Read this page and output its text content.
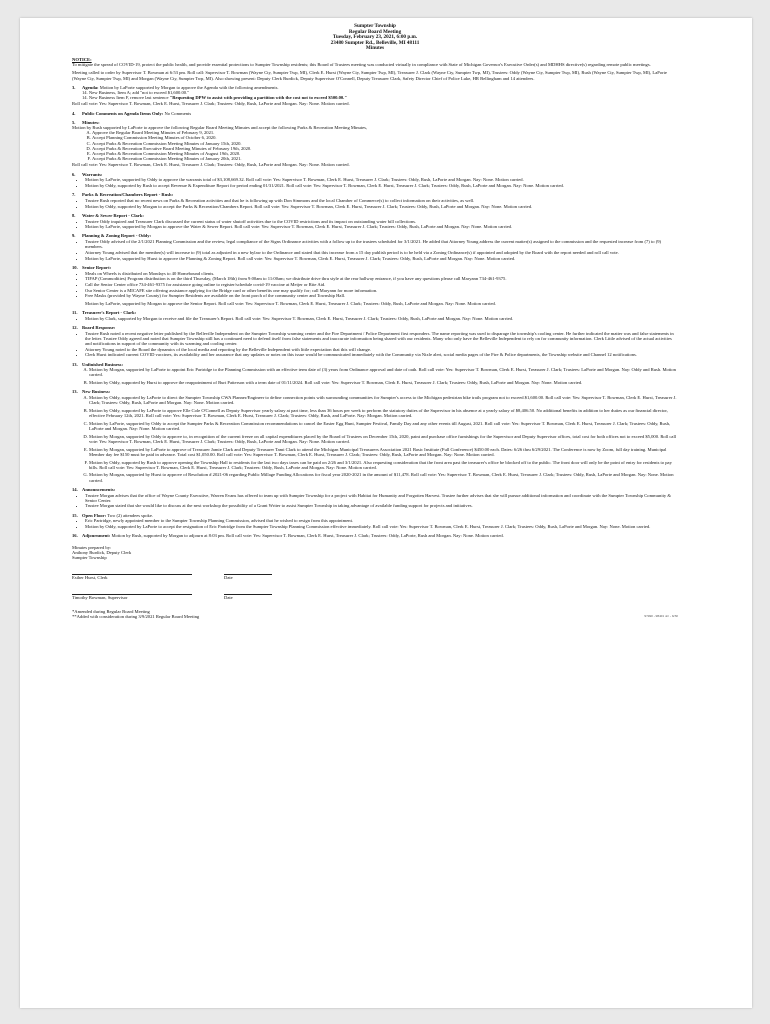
Sumpter Township
Regular Board Meeting
Tuesday, February 23, 2021, 6:00 p.m.
23480 Sumpter Rd., Belleville, MI 48111
Minutes
NOTICE:

To mitigate the spread of COVID-19, protect the public health, and provide essential protections to Sumpter Township residents; this Board of Trustees meeting was conducted virtually in compliance with State of Michigan Governor's Executive Order(s) and MDHHS directive(s) regarding remote public meetings.

Meeting called to order by Supervisor T. Bowman at 6:53 pm. Roll call: Supervisor T. Bowman (Wayne Cty, Sumpter Twp, MI), Clerk E. Hurst (Wayne Cty, Sumpter Twp, MI), Treasurer J. Clark (Wayne Cty, Sumpter Twp, MI), Trustees: Oddy (Wayne Cty, Sumpter Twp, MI), Rush (Wayne Cty, Sumpter Twp, MI), LaPorte (Wayne Cty, Sumpter Twp, MI) and Morgan (Wayne Cty, Sumpter Twp, MI). Also showing present: Deputy Clerk Burdick, Deputy Supervisor O'Connell, Deputy Treasurer Clark, Safety Director Chief of Police Luke, HR Bellingham and 14 attendees.

3. Agenda: Motion by LaPorte supported by Morgan to approve the Agenda with the following amendments.

14. New Business, Item A; add "not to exceed $1,600.00."

14. New Business Item F, remove last sentence "Requesting DPW to assist with providing a partition with the cost not to exceed $500.00."

Roll call vote: Yes: Supervisor T. Bowman, Clerk E. Hurst, Treasurer J. Clark; Trustees: Oddy, Rush, LaPorte and Morgan. Nay: None. Motion carried.

4. Public Comments on Agenda Items Only: No Comments

5. Minutes:

Motion by Rush supported by LaPorte to approve the following Regular Board Meeting Minutes and accept the following Parks & Recreation Meeting Minutes,

A. Approve the Regular Board Meeting Minutes of February 9, 2021.
B. Accept Planning Commission Meeting Minutes of October 6, 2020.
C. Accept Parks & Recreation Commission Meeting Minutes of January 15th, 2020.
D. Accept Parks & Recreation Executive Board Meeting Minutes of February 19th, 2020.
E. Accept Parks & Recreation Commission Meeting Minutes of August 19th, 2020.
F. Accept Parks & Recreation Commission Meeting Minutes of January 20th, 2021.

Roll call vote: Yes: Supervisor T. Bowman, Clerk E. Hurst, Treasurer J. Clark; Trustees: Oddy, Rush, LaPorte and Morgan. Nay: None. Motion carried.

6. Warrants:

• Motion by LaPorte, supported by Oddy to approve the warrants total of $3,108,669.32. Roll call vote: Yes: Supervisor T. Bowman, Clerk E. Hurst, Treasurer J. Clark; Trustees: Oddy, Rush, LaPorte and Morgan. Nay: None. Motion carried.
• Motion by Oddy, supported by Rush to accept Revenue & Expenditure Report for period ending 01/31/2021. Roll call vote: Yes: Supervisor T. Bowman, Clerk E. Hurst, Treasurer J. Clark; Trustees: Oddy, Rush, LaPorte and Morgan. Nay: None. Motion carried.

7. Parks & Recreation/Chambers Report - Rush:

• Trustee Rush reported that no recent news on Parks & Recreation activities and that he is following up with Don Simmons and the local Chamber of Commerce(s) to collect information on their activities, as well.
• Motion by Oddy, supported by Morgan to accept the Parks & Recreation/Chambers Report. Roll call vote: Yes: Supervisor T. Bowman, Clerk E. Hurst, Treasurer J. Clark; Trustees: Oddy, Rush, LaPorte and Morgan. Nay: None. Motion carried.

8. Water & Sewer Report - Clark:

• Trustee Oddy inquired and Treasurer Clark discussed the current status of water shutoff activities due to the COVID restrictions and its impact on outstanding water bill collections.
• Motion by LaPorte, supported by Morgan to approve the Water & Sewer Report. Roll call vote: Yes: Supervisor T. Bowman, Clerk E. Hurst, Treasurer J. Clark; Trustees: Oddy, Rush, LaPorte and Morgan. Nay: None. Motion carried.

9. Planning & Zoning Report - Oddy:

• Trustee Oddy advised of the 2/1/2021 Planning Commission and the review, legal compliance of the Signs Ordinance activities with a follow up to the trustees scheduled for 3/1/2021. He added that Attorney Young address the current matter(s) assigned to the commission and the requested increase from (7) to (9) members.
• Attorney Young advised that the member(s) will increase to (9) total as adjusted in a new bylaw to the Ordinance and stated that this increase from a 15 day publish period is to be held via a Zoning Ordinance(s) if appointed and adopted by the Board with the report needed and roll call vote.
• Motion by LaPorte, supported by Hurst to approve the Planning & Zoning Report. Roll call vote: Yes: Supervisor T. Bowman, Clerk E. Hurst, Treasurer J. Clark; Trustees: Oddy, Rush, LaPorte and Morgan. Nay: None. Motion carried.

10. Senior Report:

• Meals on Wheels is distributed on Mondays to 40 Homebound clients.
• TIFAP (Commodities) Program distribution is on the third Thursday, (March 18th) from 9:00am to 11:00am; we distribute drive thru style at the rear hallway entrance, if you have any questions please call Maryann 734-461-9375.
• Call the Senior Center office 734-461-9375 for assistance going online to register/schedule covid-19 vaccine at Meijer or Rite Aid.
• Our Senior Center is a MICAFE site offering assistance applying for the Bridge card or other benefits one may qualify for; call Maryann for more information.
• Free Masks (provided by Wayne County) for Sumpter Residents are available on the front porch of the community center and Township Hall.

Motion by LaPorte, supported by Morgan to approve the Senior Report. Roll call vote: Yes: Supervisor T. Bowman, Clerk E. Hurst, Treasurer J. Clark; Trustees: Oddy, Rush, LaPorte and Morgan. Nay: None. Motion carried.

11. Treasurer's Report - Clark:

• Motion by Clark, supported by Morgan to receive and file the Treasurer's Report. Roll call vote: Yes: Supervisor T. Bowman, Clerk E. Hurst, Treasurer J. Clark; Trustees: Oddy, Rush, LaPorte and Morgan. Nay: None. Motion carried.

12. Board Response:

• Trustee Rush noted a recent negative letter published by the Belleville Independent on the Sumpter Township warming center and the Fire Department / Police Department first responders. The name reporting was used to disparage the township's cooling center. He further indicated the matter was and false statements in the letter. Trustee Oddy agreed and noted that Sumpter Township still has a continued need to defend itself from false statements and inaccurate information being shared with our residents. Many who only have the Belleville Independent to rely on for community information. Clerk Little advised of the actual activities and notifications in support of the community with its warming and cooling center.
• Attorney Young noted to the Board the dynamics of the local media and reporting by the Belleville Independent with little expectation that this will change.
• Clerk Hurst indicated current COVID vaccines, its availability and her assurance that any updates or notes on this issue would be communicated immediately with the Community via Nixle alert, social media pages of the Fire & Police departments, the Township website and Channel 12 notifications.

13. Unfinished Business:

A. Motion by Morgan, supported by LaPorte to appoint Eric Partridge to the Planning Commission with an effective term date of (3) years from Ordinance approval and date of oath. Roll call vote: Yes: Supervisor T. Bowman, Clerk E. Hurst, Treasurer J. Clark; Trustees: LaPorte and Morgan. Nay: Oddy and Rush. Motion carried.
B. Motion by Oddy, supported by Hurst to approve the reappointment of Burt Patterson with a term date of 01/11/2024. Roll call vote: Yes: Supervisor T. Bowman, Clerk E. Hurst, Treasurer J. Clark; Trustees: Oddy, Rush, LaPorte and Morgan. Nay: None. Motion carried.

13. New Business:

A. Motion by Oddy, supported by LaPorte to direct the Sumpter Township CWA Planner/Engineer to define connection points with surrounding communities for Sumpter's access to the Michigan pedestrian bike trails program not to exceed $1,600.00. Roll call vote: Yes: Supervisor T. Bowman, Clerk E. Hurst, Treasurer J. Clark; Trustees: Oddy, Rush, LaPorte and Morgan. Nay: None. Motion carried.
B. Motion by Oddy, supported by LaPorte to approve Elle Cole O'Connell as Deputy Supervisor yearly salary at part time, less than 36 hours per week to perform the statutory duties of the Supervisor in his absence at a yearly salary of $8,406.50. No additional benefits in addition to her duties as our financial director, effective February 12th, 2021. Roll call vote: Yes: Supervisor T. Bowman, Clerk E. Hurst, Treasurer J. Clark; Trustees: Oddy, Rush, and LaPorte. Nay: Morgan. Motion carried.
C. Motion by LaPorte, supported by Oddy to accept the Sumpter Parks & Recreation Commission recommendations to cancel the Easter Egg Hunt, Sumpter Festival, Family Day and any other events till August, 2021. Roll call vote: Yes: Supervisor T. Bowman, Clerk E. Hurst, Treasurer J. Clark; Trustees: Oddy, Rush, LaPorte and Morgan. Nay: None. Motion carried.
D. Motion by Morgan, supported by Oddy to approve to, in recognition of the current freeze on all capital expenditures placed by the Board of Trustees on December 15th, 2020, paint and purchase office furnishings for the Supervisor and Deputy Supervisor offices, total cost for both offices not to exceed $5,000. Roll call vote: Yes: Supervisor T. Bowman, Clerk E. Hurst, Treasurer J. Clark; Trustees: Oddy, Rush, LaPorte and Morgan. Nay: None. Motion carried.
E. Motion by Morgan, supported by LaPorte to approve of Treasurer Jamie Clark and Deputy Treasurer Tami Clark to attend the Michigan Municipal Treasurers Association 2021 Basic Institute (Full Conference) $450.00 each. Dates: 6/26 thru 6/29/2021. The Conference is now by Zoom, full day training. Municipal Member day fee $150 must be paid in advance. Total cost $1,050.00. Roll call vote: Yes: Supervisor T. Bowman, Clerk E. Hurst, Treasurer J. Clark; Trustees: Oddy, Rush, LaPorte and Morgan. Nay: None. Motion carried.
F. Motion by Oddy, supported by Rush to approve opening the Township Hall to residents for the last two days taxes can be paid on 2/26 and 3/1/2021. Also requesting consideration that the front area past the treasurer's office be blocked off to the public. The front door will only be the point of entry for residents to pay bills. Roll call vote: Yes: Supervisor T. Bowman, Clerk E. Hurst, Treasurer J. Clark; Trustees: Oddy, Rush, LaPorte and Morgan. Nay: None. Motion carried.
G. Motion by Morgan, supported by Hurst to approve of Resolution # 2021-06 regarding Public Millage Funding Allocations for fiscal year 2020-2021 in the amount of $11,478. Roll call vote: Yes: Supervisor T. Bowman, Clerk E. Hurst, Treasurer J. Clark; Trustees: Oddy, Rush, LaPorte and Morgan. Nay: None. Motion carried.

14. Announcements:

• Trustee Morgan advises that the office of Wayne County Executive, Warren Evans has offered to team up with Sumpter Township for a project with Habitat for Humanity and Forgotten Harvest. Trustee further advises that she will pursue additional information and coordinate with the Sumpter Township Community & Senior Center.
• Trustee Morgan stated that she would like to discuss at the next workshop the possibility of a Grant Writer to assist Sumpter Township in taking advantage of available funding support for projects and initiatives.

15. Open Floor: Two (2) attendees spoke.

• Eric Partridge, newly appointed member to the Sumpter Township Planning Commission, advised that he wished to resign from this appointment.
• Motion by Oddy, supported by LaPorte to accept the resignation of Eric Partridge from the Sumpter Township Planning Commission effective immediately. Roll call vote: Yes: Supervisor T. Bowman, Clerk E. Hurst, Treasurer J. Clark; Trustees: Oddy, Rush, LaPorte and Morgan. Nay: None. Motion carried.

16. Adjournment: Motion by Rush, supported by Morgan to adjourn at 8:03 pm. Roll call vote: Yes: Supervisor T. Bowman, Clerk E. Hurst, Treasurer J. Clark; Trustees: Oddy, LaPorte, Rush and Morgan. Nay: None. Motion carried.

Minutes prepared by:
Anthony Burdick, Deputy Clerk
Sumpter Township
Esther Hurst, Clerk	Date
Timothy Bowman, Supervisor	Date
*Amended during Regular Board Meeting
**Added with consideration during 3/9/2021 Regular Board Meeting	97490 - 98401 4/c - 6/30
